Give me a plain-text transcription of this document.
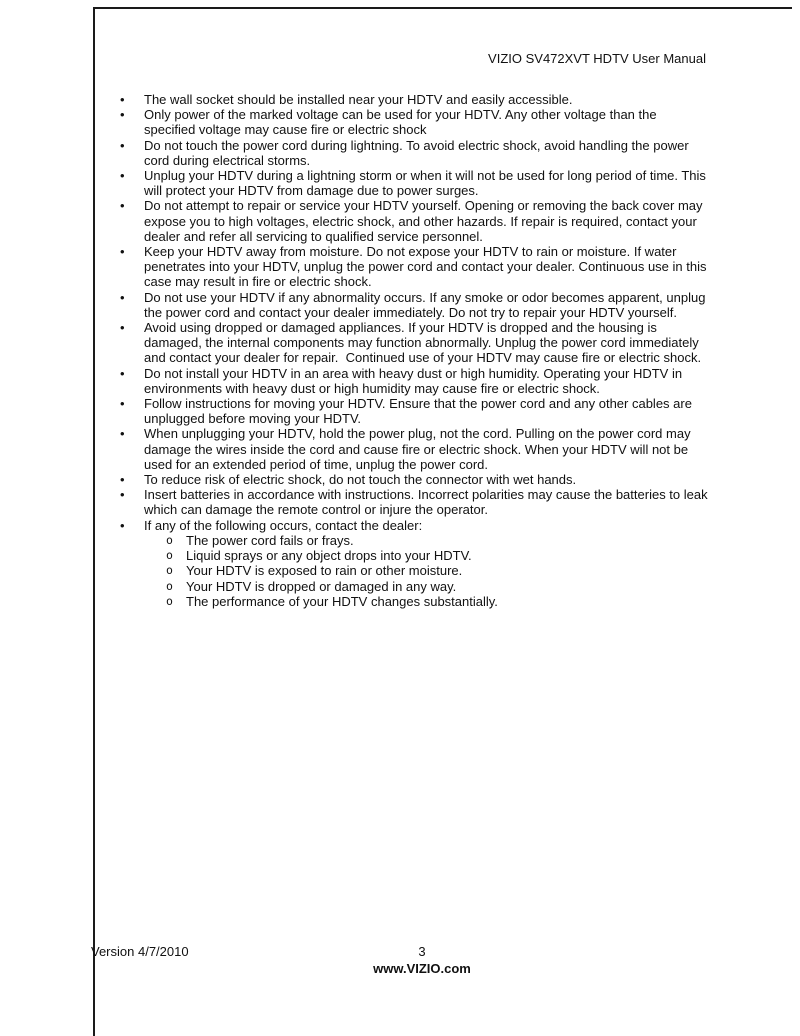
VIZIO SV472XVT HDTV User Manual
• The wall socket should be installed near your HDTV and easily accessible.
• Only power of the marked voltage can be used for your HDTV. Any other voltage than the specified voltage may cause fire or electric shock
• Do not touch the power cord during lightning. To avoid electric shock, avoid handling the power cord during electrical storms.
• Unplug your HDTV during a lightning storm or when it will not be used for long period of time. This will protect your HDTV from damage due to power surges.
• Do not attempt to repair or service your HDTV yourself. Opening or removing the back cover may expose you to high voltages, electric shock, and other hazards. If repair is required, contact your dealer and refer all servicing to qualified service personnel.
• Keep your HDTV away from moisture. Do not expose your HDTV to rain or moisture. If water penetrates into your HDTV, unplug the power cord and contact your dealer. Continuous use in this case may result in fire or electric shock.
• Do not use your HDTV if any abnormality occurs. If any smoke or odor becomes apparent, unplug the power cord and contact your dealer immediately. Do not try to repair your HDTV yourself.
• Avoid using dropped or damaged appliances. If your HDTV is dropped and the housing is damaged, the internal components may function abnormally. Unplug the power cord immediately and contact your dealer for repair.  Continued use of your HDTV may cause fire or electric shock.
• Do not install your HDTV in an area with heavy dust or high humidity. Operating your HDTV in environments with heavy dust or high humidity may cause fire or electric shock.
• Follow instructions for moving your HDTV. Ensure that the power cord and any other cables are unplugged before moving your HDTV.
• When unplugging your HDTV, hold the power plug, not the cord. Pulling on the power cord may damage the wires inside the cord and cause fire or electric shock. When your HDTV will not be used for an extended period of time, unplug the power cord.
• To reduce risk of electric shock, do not touch the connector with wet hands.
• Insert batteries in accordance with instructions. Incorrect polarities may cause the batteries to leak which can damage the remote control or injure the operator.
• If any of the following occurs, contact the dealer:
o The power cord fails or frays.
o Liquid sprays or any object drops into your HDTV.
o Your HDTV is exposed to rain or other moisture.
o Your HDTV is dropped or damaged in any way.
o The performance of your HDTV changes substantially.
Version 4/7/2010	3
www.VIZIO.com
